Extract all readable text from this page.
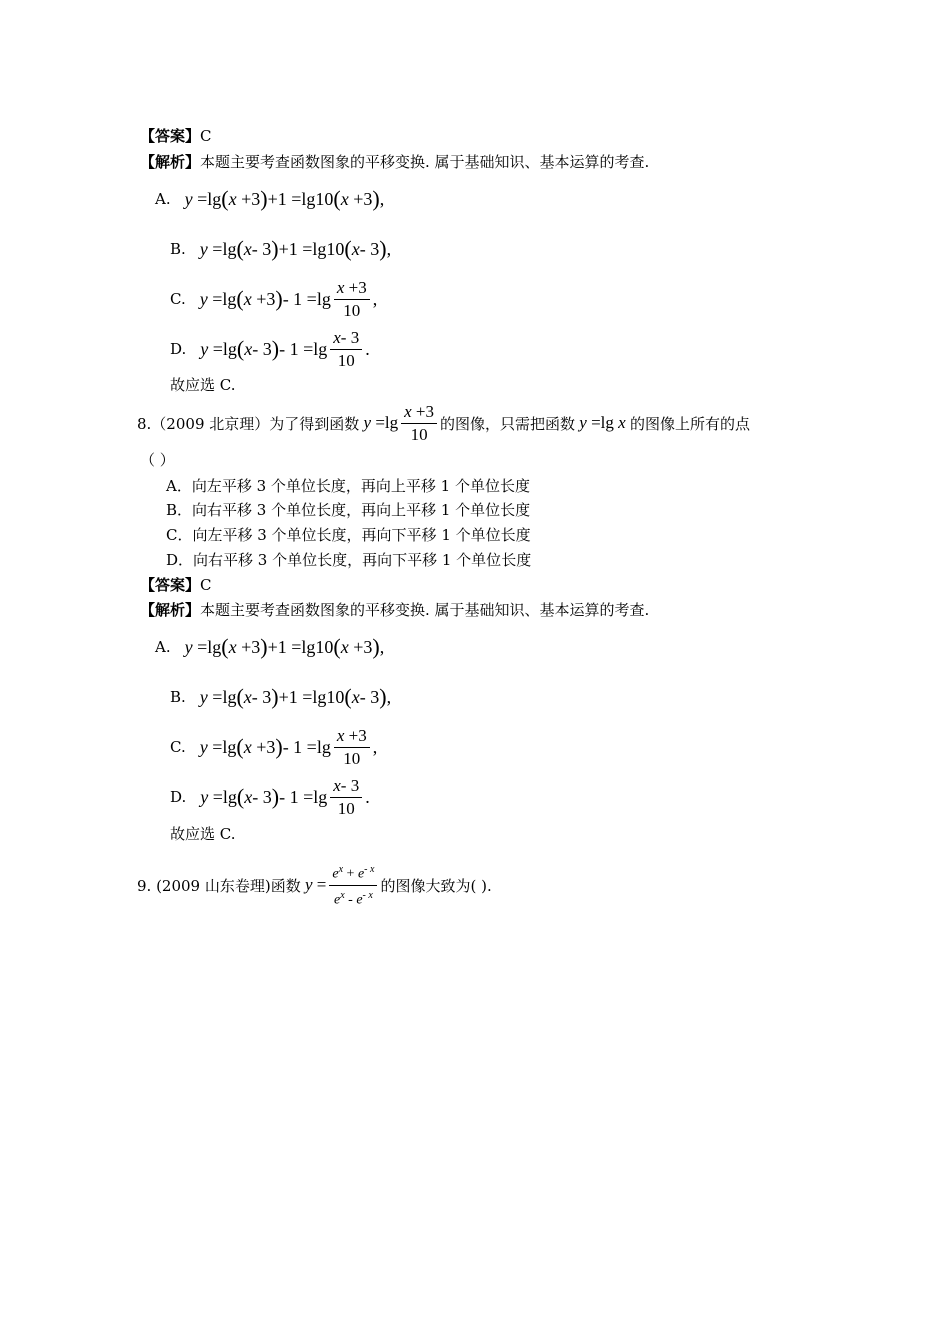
【答案】C
【解析】本题主要考查函数图象的平移变换. 属于基础知识、基本运算的考查.
A. y =lg ( x +3 ) +1 =lg10 ( x +3 ) ,
B. y =lg ( x - 3 ) +1 =lg10 ( x - 3 ) ,
C. y =lg ( x +3 ) - $1 =\lg \frac{x +3}{10}$ ,
D. y =lg ( x - 3 ) - $1 =\lg \frac{x- 3}{10}$ .
故应选 C.
8.（2009 北京理）为了得到函数
$y =\lg \frac{x +3}{10}$ 的图像，只需把函数
y =lg x
的图像上所有的点
（ ）
A．向左平移 3 个单位长度，再向上平移 1 个单位长度
B．向右平移 3 个单位长度，再向上平移 1 个单位长度
C．向左平移 3 个单位长度，再向下平移 1 个单位长度
D．向右平移 3 个单位长度，再向下平移 1 个单位长度
【答案】C
【解析】本题主要考查函数图象的平移变换. 属于基础知识、基本运算的考查.
A. y =lg ( x +3 ) +1 =lg10 ( x +3 ) ,
B. y =lg ( x - 3 ) +1 =lg10 ( x - 3 ) ,
C. y =lg ( x +3 ) - $1 =\lg \frac{x +3}{10}$ ,
D. y =lg ( x - 3 ) - $1 =\lg \frac{x- 3}{10}$ .
故应选 C.
9. (2009 山东卷理)函数
$y = \frac{e^x + e^{- x}}{e^x - e^{- x}}$ 的图像大致为( ).
